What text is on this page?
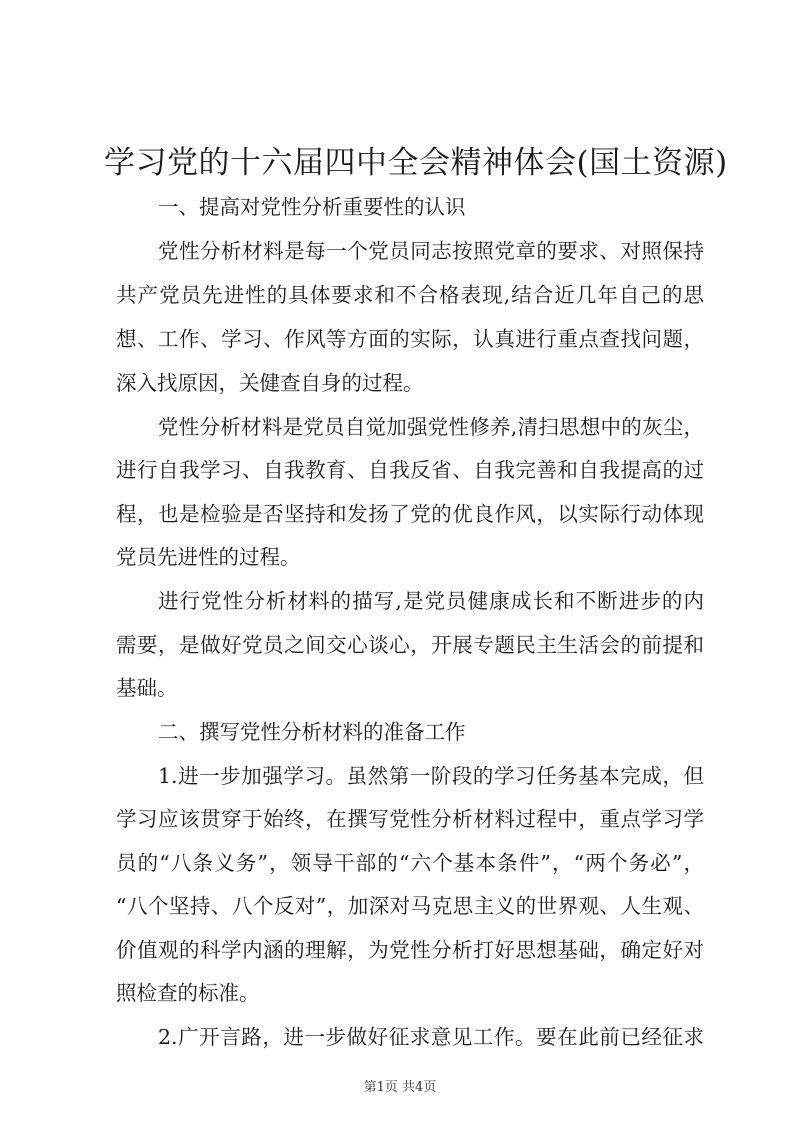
学习党的十六届四中全会精神体会(国土资源)
一、提高对党性分析重要性的认识
党性分析材料是每一个党员同志按照党章的要求、对照保持
共产党员先进性的具体要求和不合格表现,结合近几年自己的思
想、工作、学习、作风等方面的实际，认真进行重点查找问题，
深入找原因，关健查自身的过程。
党性分析材料是党员自觉加强党性修养,清扫思想中的灰尘，
进行自我学习、自我教育、自我反省、自我完善和自我提高的过
程，也是检验是否坚持和发扬了党的优良作风，以实际行动体现
党员先进性的过程。
进行党性分析材料的描写,是党员健康成长和不断进步的内
需要，是做好党员之间交心谈心，开展专题民主生活会的前提和
基础。
二、撰写党性分析材料的准备工作
1.进一步加强学习。虽然第一阶段的学习任务基本完成，但
学习应该贯穿于始终，在撰写党性分析材料过程中，重点学习学
员的“八条义务”，领导干部的“六个基本条件”，“两个务必”，
“八个坚持、八个反对”，加深对马克思主义的世界观、人生观、
价值观的科学内涵的理解，为党性分析打好思想基础，确定好对
照检查的标准。
2.广开言路，进一步做好征求意见工作。要在此前已经征求
第1页 共4页
